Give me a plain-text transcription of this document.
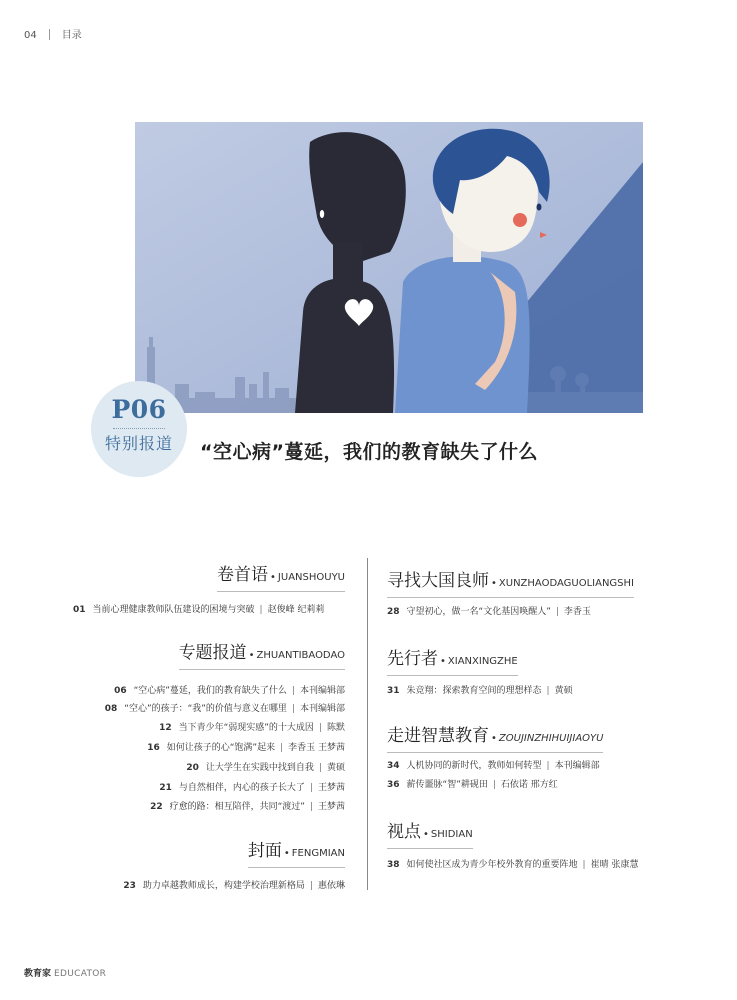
04	目录
P06
特别报道	“空心病”蔓延，我们的教育缺失了什么
卷首语 • JUANSHOUYU
01 当前心理健康教师队伍建设的困境与突破 | 赵俊峰 纪莉莉
专题报道 • ZHUANTIBAODAO
06 “空心病”蔓延，我们的教育缺失了什么 | 本刊编辑部
08 “空心”的孩子：“我”的价值与意义在哪里 | 本刊编辑部
12 当下青少年“弱现实感”的十大成因 | 陈默
16 如何让孩子的心“饱满”起来 | 李香玉 王梦茜
20 让大学生在实践中找到自我 | 黄硕
21 与自然相伴，内心的孩子长大了 | 王梦茜
22 疗愈的路：相互陪伴，共同“渡过” | 王梦茜
封面 • FENGMIAN
23 助力卓越教师成长，构建学校治理新格局 | 惠依琳
寻找大国良师 • XUNZHAODAGUOLIANGSHI
28 守望初心，做一名“文化基因唤醒人” | 李香玉
先行者 • XIANXINGZHE
31 朱竞翔：探索教育空间的理想样态 | 黄硕
走进智慧教育 • ZOUJINZHIHUIJIAOYU
34 人机协同的新时代，教师如何转型 | 本刊编辑部
36 薪传噩脉“智”耕砚田 | 石依诺 邢方红
视点 • SHIDIAN
38 如何使社区成为青少年校外教育的重要阵地 | 崔晴 张康慧
教育家 EDUCATOR
